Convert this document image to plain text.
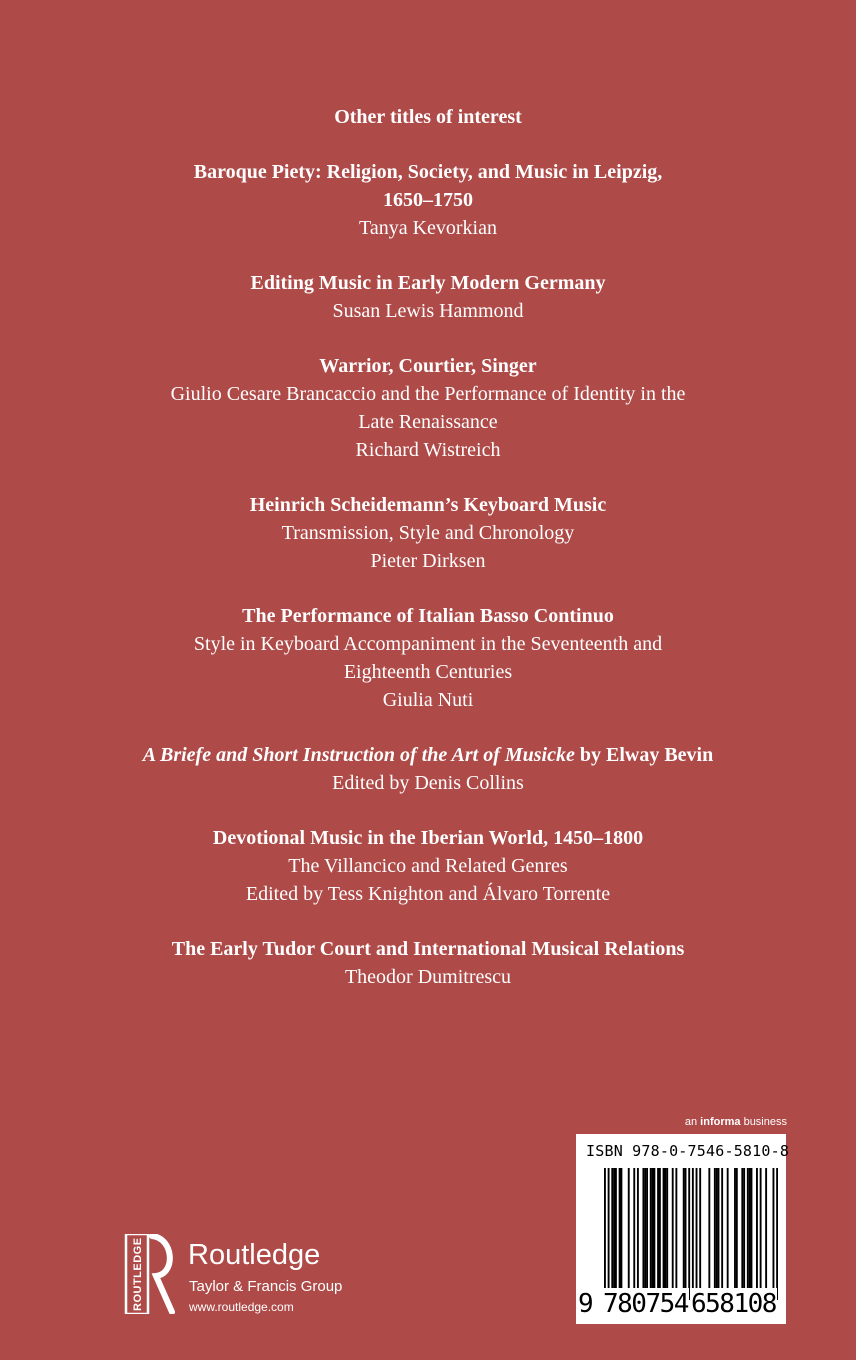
Other titles of interest

Baroque Piety: Religion, Society, and Music in Leipzig, 1650–1750

Tanya Kevorkian

Editing Music in Early Modern Germany

Susan Lewis Hammond

Warrior, Courtier, Singer

Giulio Cesare Brancaccio and the Performance of Identity in the Late Renaissance

Richard Wistreich

Heinrich Scheidemann’s Keyboard Music

Transmission, Style and Chronology

Pieter Dirksen

The Performance of Italian Basso Continuo

Style in Keyboard Accompaniment in the Seventeenth and Eighteenth Centuries

Giulia Nuti

A Briefe and Short Instruction of the Art of Musicke by Elway Bevin

Edited by Denis Collins

Devotional Music in the Iberian World, 1450–1800

The Villancico and Related Genres

Edited by Tess Knighton and Álvaro Torrente

The Early Tudor Court and International Musical Relations

Theodor Dumitrescu

ROUTLEDGE Routledge
Taylor & Francis Group
www.routledge.com
an informa business
ISBN 978-0-7546-5810-8
9 780754 658108
